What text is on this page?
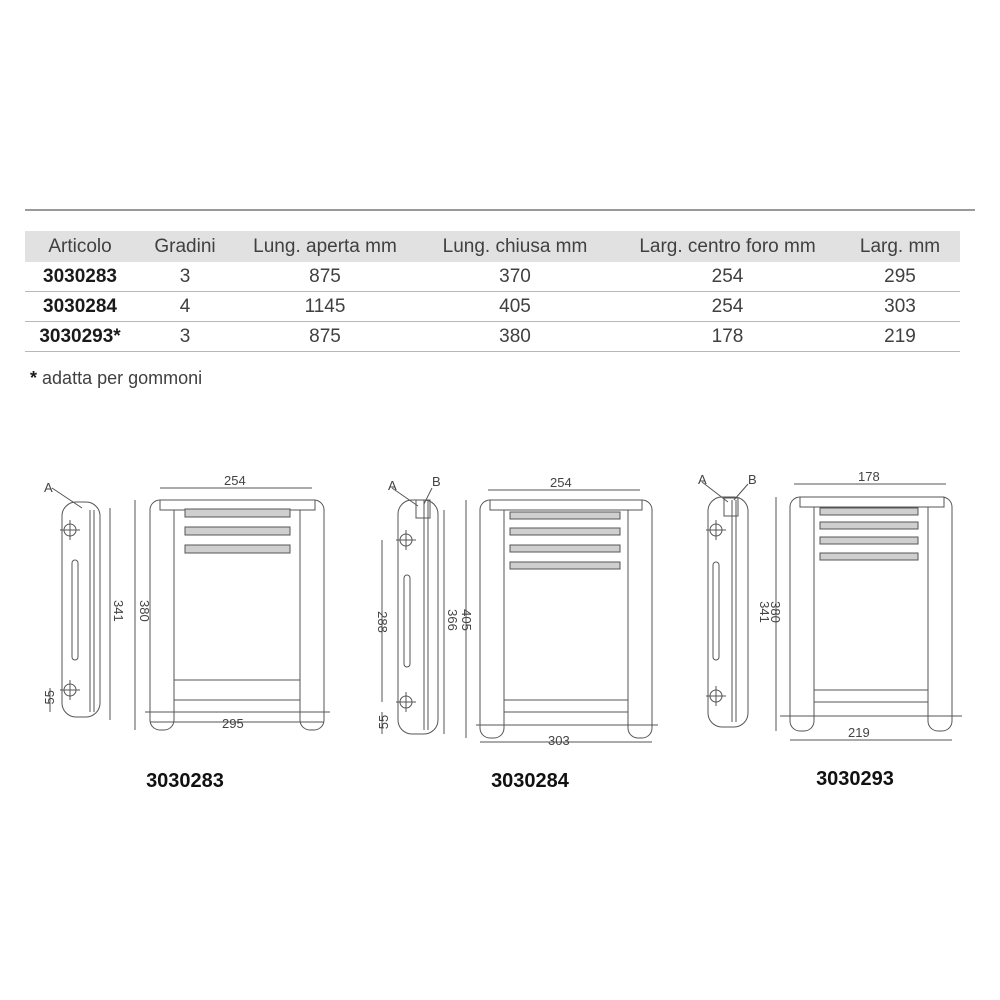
Articolo	Gradini	Lung. aperta mm	Lung. chiusa mm	Larg. centro foro mm	Larg. mm
3030283	3	875	370	254	295
3030284	4	1145	405	254	303
3030293*	3	875	380	178	219
* adatta per gommoni
A	254
295
380
341
55
A	B	254
303
405
366
288
55
A	B	178
219
380
341
3030283	3030284	3030293
